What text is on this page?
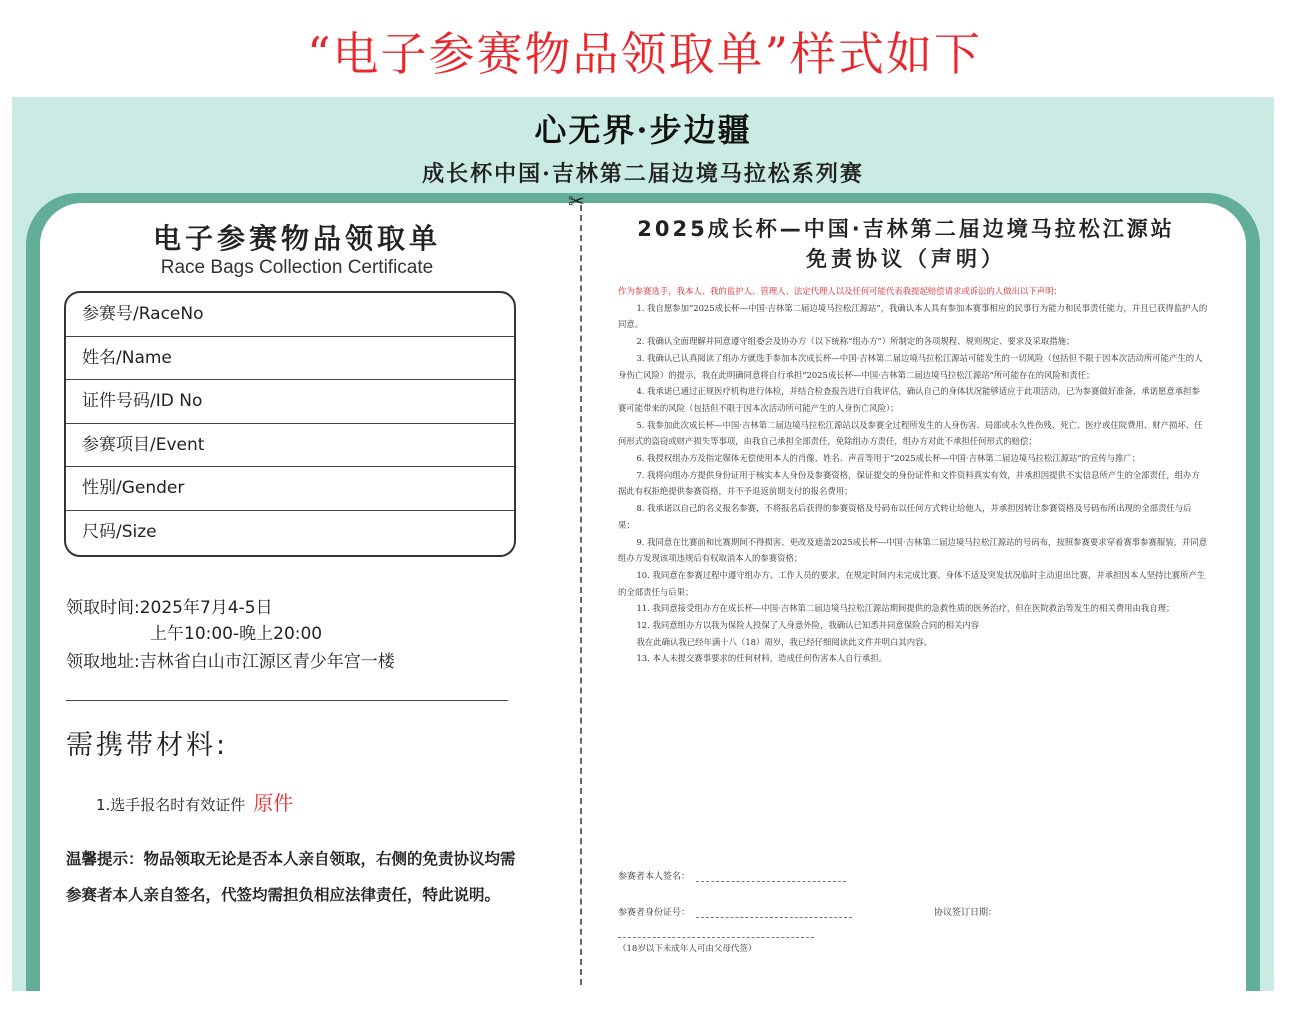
“电子参赛物品领取单”样式如下
心无界·步边疆
成长杯中国·吉林第二届边境马拉松系列赛
✂
电子参赛物品领取单
Race Bags Collection Certificate
参赛号/RaceNo
姓名/Name
证件号码/ID No
参赛项目/Event
性别/Gender
尺码/Size
领取时间:2025年7月4-5日
上午10:00-晚上20:00
领取地址:吉林省白山市江源区青少年宫一楼
需携带材料:
1.选手报名时有效证件 原件
温馨提示：物品领取无论是否本人亲自领取，右侧的免责协议均需参赛者本人亲自签名，代签均需担负相应法律责任，特此说明。
2025成长杯—中国·吉林第二届边境马拉松江源站
免责协议（声明）

作为参赛选手，我本人、我的监护人、管理人、法定代理人以及任何可能代表我提起赔偿请求或诉讼的人做出以下声明：

1. 我自愿参加“2025成长杯—中国·吉林第二届边境马拉松江源站”，我确认本人具有参加本赛事相应的民事行为能力和民事责任能力，并且已获得监护人的同意。

2. 我确认全面理解并同意遵守组委会及协办方（以下统称“组办方”）所制定的各项规程、规则规定、要求及采取措施；

3. 我确认已认真阅读了组办方就选手参加本次成长杯—中国·吉林第二届边境马拉松江源站可能发生的一切风险（包括但不限于因本次活动所可能产生的人身伤亡风险）的提示，我在此明确同意将自行承担“2025成长杯—中国·吉林第二届边境马拉松江源站”所可能存在的风险和责任；

4. 我承诺已通过正规医疗机构进行体检，并结合检查报告进行自我评估，确认自己的身体状况能够适应于此项活动，已为参赛做好准备，承诺愿意承担参赛可能带来的风险（包括但不限于因本次活动所可能产生的人身伤亡风险）；

5. 我参加此次成长杯—中国·吉林第二届边境马拉松江源站以及参赛全过程所发生的人身伤害、局部或永久性伤残、死亡、医疗或住院费用、财产损坏、任何形式的盗窃或财产损失等事项，由我自己承担全部责任，免除组办方责任，组办方对此不承担任何形式的赔偿；

6. 我授权组办方及指定媒体无偿使用本人的肖像、姓名、声音等用于“2025成长杯—中国·吉林第二届边境马拉松江源站”的宣传与推广；

7. 我将向组办方提供身份证用于核实本人身份及参赛资格，保证提交的身份证件和文件资料真实有效，并承担因提供不实信息所产生的全部责任，组办方据此有权拒绝提供参赛资格，并不予退返前期支付的报名费用；

8. 我承诺以自己的名义报名参赛，不将报名后获得的参赛资格及号码布以任何方式转让给他人，并承担因转让参赛资格及号码布所出现的全部责任与后果；

9. 我同意在比赛前和比赛期间不得损害、更改及遮盖2025成长杯—中国·吉林第二届边境马拉松江源站的号码布，按照参赛要求穿着赛事参赛服装，并同意组办方发现该项违规后有权取消本人的参赛资格；

10. 我同意在参赛过程中遵守组办方、工作人员的要求，在规定时间内未完成比赛、身体不适及突发状况临时主动退出比赛，并承担因本人坚持比赛所产生的全部责任与后果；

11. 我同意接受组办方在成长杯—中国·吉林第二届边境马拉松江源站期间提供的急救性质的医务治疗，但在医院救治等发生的相关费用由我自理；

12. 我同意组办方以我为保险人投保了人身意外险，我确认已知悉并同意保险合同的相关内容

我在此确认我已经年满十八（18）周岁，我已经仔细阅读此文件并明白其内容。

13. 本人未提交赛事要求的任何材料，造成任何伤害本人自行承担。

参赛者本人签名：
参赛者身份证号：	协议签订日期：
（18岁以下未成年人可由父母代签）
